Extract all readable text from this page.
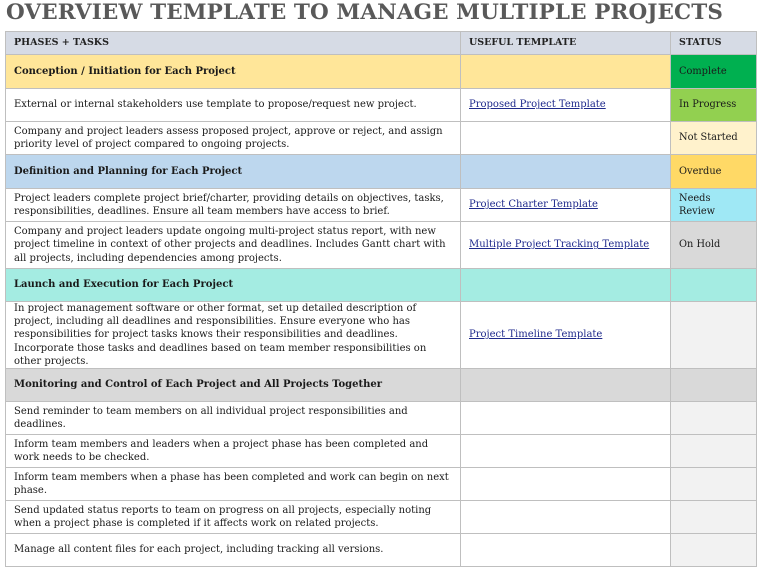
OVERVIEW TEMPLATE TO MANAGE MULTIPLE PROJECTS
PHASES + TASKS	USEFUL TEMPLATE	STATUS
Conception / Initiation for Each Project		Complete
External or internal stakeholders use template to propose/request new project.	Proposed Project Template	In Progress
Company and project leaders assess proposed project, approve or reject, and assign priority level of project compared to ongoing projects.		Not Started
Definition and Planning for Each Project		Overdue
Project leaders complete project brief/charter, providing details on objectives, tasks, responsibilities, deadlines. Ensure all team members have access to brief.	Project Charter Template	Needs Review
Company and project leaders update ongoing multi-project status report, with new project timeline in context of other projects and deadlines. Includes Gantt chart with all projects, including dependencies among projects.	Multiple Project Tracking Template	On Hold
Launch and Execution for Each Project		
In project management software or other format, set up detailed description of project, including all deadlines and responsibilities. Ensure everyone who has responsibilities for project tasks knows their responsibilities and deadlines. Incorporate those tasks and deadlines based on team member responsibilities on other projects.	Project Timeline Template	
Monitoring and Control of Each Project and All Projects Together		
Send reminder to team members on all individual project responsibilities and deadlines.		
Inform team members and leaders when a project phase has been completed and work needs to be checked.		
Inform team members when a phase has been completed and work can begin on next phase.		
Send updated status reports to team on progress on all projects, especially noting when a project phase is completed if it affects work on related projects.		
Manage all content files for each project, including tracking all versions.		
